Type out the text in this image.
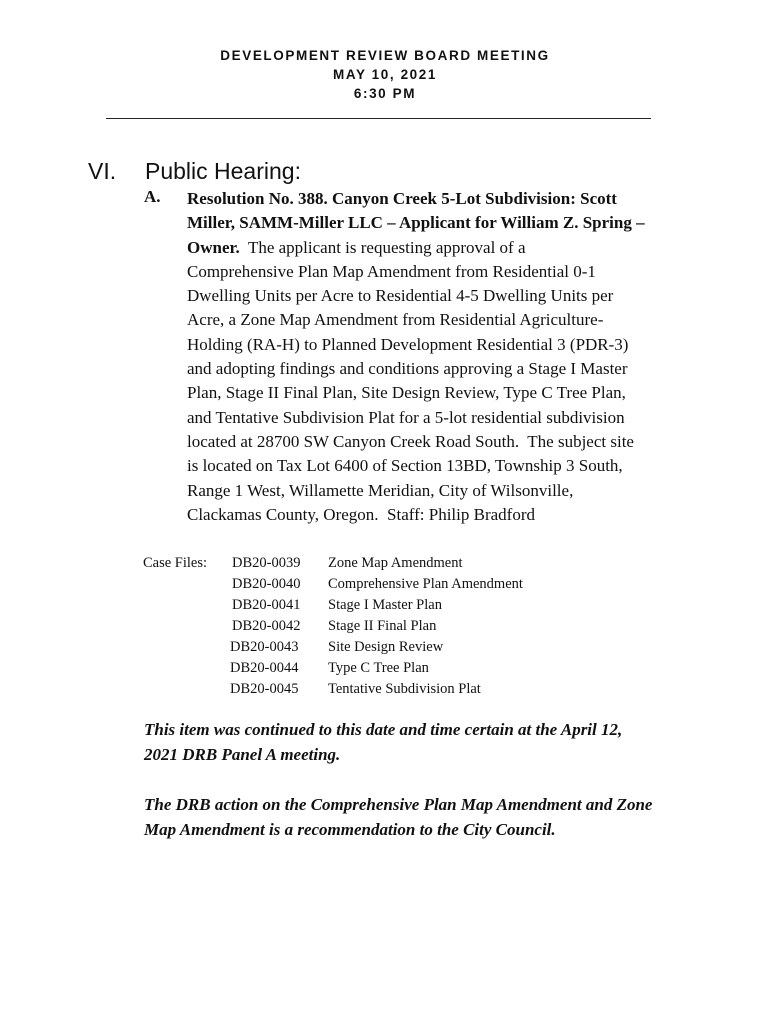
DEVELOPMENT REVIEW BOARD MEETING
MAY 10, 2021
6:30 PM
VI.	Public Hearing:
A. Resolution No. 388. Canyon Creek 5-Lot Subdivision: Scott
Miller, SAMM-Miller LLC – Applicant for William Z. Spring –
Owner.  The applicant is requesting approval of a
Comprehensive Plan Map Amendment from Residential 0-1
Dwelling Units per Acre to Residential 4-5 Dwelling Units per
Acre, a Zone Map Amendment from Residential Agriculture-
Holding (RA-H) to Planned Development Residential 3 (PDR-3)
and adopting findings and conditions approving a Stage I Master
Plan, Stage II Final Plan, Site Design Review, Type C Tree Plan,
and Tentative Subdivision Plat for a 5-lot residential subdivision
located at 28700 SW Canyon Creek Road South.  The subject site
is located on Tax Lot 6400 of Section 13BD, Township 3 South,
Range 1 West, Willamette Meridian, City of Wilsonville,
Clackamas County, Oregon.  Staff: Philip Bradford
Case Files: DB20-0039 Zone Map Amendment
DB20-0040 Comprehensive Plan Amendment
DB20-0041 Stage I Master Plan
DB20-0042 Stage II Final Plan
DB20-0043 Site Design Review
DB20-0044 Type C Tree Plan
DB20-0045 Tentative Subdivision Plat
This item was continued to this date and time certain at the April 12,
2021 DRB Panel A meeting.
The DRB action on the Comprehensive Plan Map Amendment and Zone
Map Amendment is a recommendation to the City Council.
